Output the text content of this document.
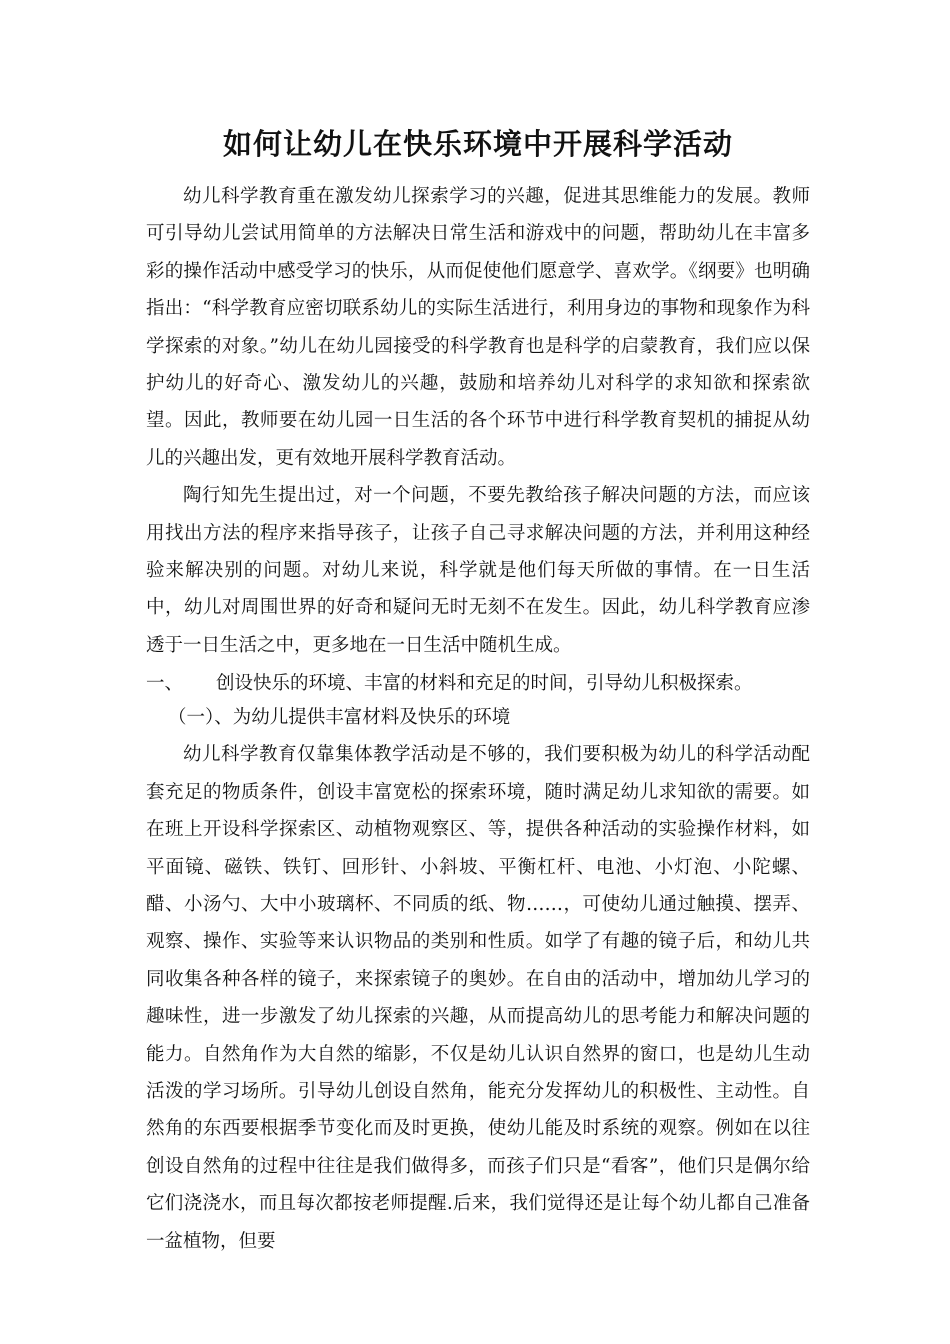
如何让幼儿在快乐环境中开展科学活动

幼儿科学教育重在激发幼儿探索学习的兴趣，促进其思维能力的发展。教师可引导幼儿尝试用简单的方法解决日常生活和游戏中的问题，帮助幼儿在丰富多彩的操作活动中感受学习的快乐，从而促使他们愿意学、喜欢学。《纲要》也明确指出：“科学教育应密切联系幼儿的实际生活进行，利用身边的事物和现象作为科学探索的对象。”幼儿在幼儿园接受的科学教育也是科学的启蒙教育，我们应以保护幼儿的好奇心、激发幼儿的兴趣，鼓励和培养幼儿对科学的求知欲和探索欲望。因此，教师要在幼儿园一日生活的各个环节中进行科学教育契机的捕捉从幼儿的兴趣出发，更有效地开展科学教育活动。

陶行知先生提出过，对一个问题，不要先教给孩子解决问题的方法，而应该用找出方法的程序来指导孩子，让孩子自己寻求解决问题的方法，并利用这种经验来解决别的问题。对幼儿来说，科学就是他们每天所做的事情。在一日生活中，幼儿对周围世界的好奇和疑问无时无刻不在发生。因此，幼儿科学教育应渗透于一日生活之中，更多地在一日生活中随机生成。

一、	创设快乐的环境、丰富的材料和充足的时间，引导幼儿积极探索。

（一）、为幼儿提供丰富材料及快乐的环境

幼儿科学教育仅靠集体教学活动是不够的，我们要积极为幼儿的科学活动配套充足的物质条件，创设丰富宽松的探索环境，随时满足幼儿求知欲的需要。如在班上开设科学探索区、动植物观察区、等，提供各种活动的实验操作材料，如平面镜、磁铁、铁钉、回形针、小斜坡、平衡杠杆、电池、小灯泡、小陀螺、醋、小汤勺、大中小玻璃杯、不同质的纸、物……，可使幼儿通过触摸、摆弄、观察、操作、实验等来认识物品的类别和性质。如学了有趣的镜子后，和幼儿共同收集各种各样的镜子，来探索镜子的奥妙。在自由的活动中，增加幼儿学习的趣味性，进一步激发了幼儿探索的兴趣，从而提高幼儿的思考能力和解决问题的能力。自然角作为大自然的缩影，不仅是幼儿认识自然界的窗口，也是幼儿生动活泼的学习场所。引导幼儿创设自然角，能充分发挥幼儿的积极性、主动性。自然角的东西要根据季节变化而及时更换，使幼儿能及时系统的观察。例如在以往创设自然角的过程中往往是我们做得多，而孩子们只是“看客”，他们只是偶尔给它们浇浇水，而且每次都按老师提醒.后来，我们觉得还是让每个幼儿都自己准备一盆植物，但要
